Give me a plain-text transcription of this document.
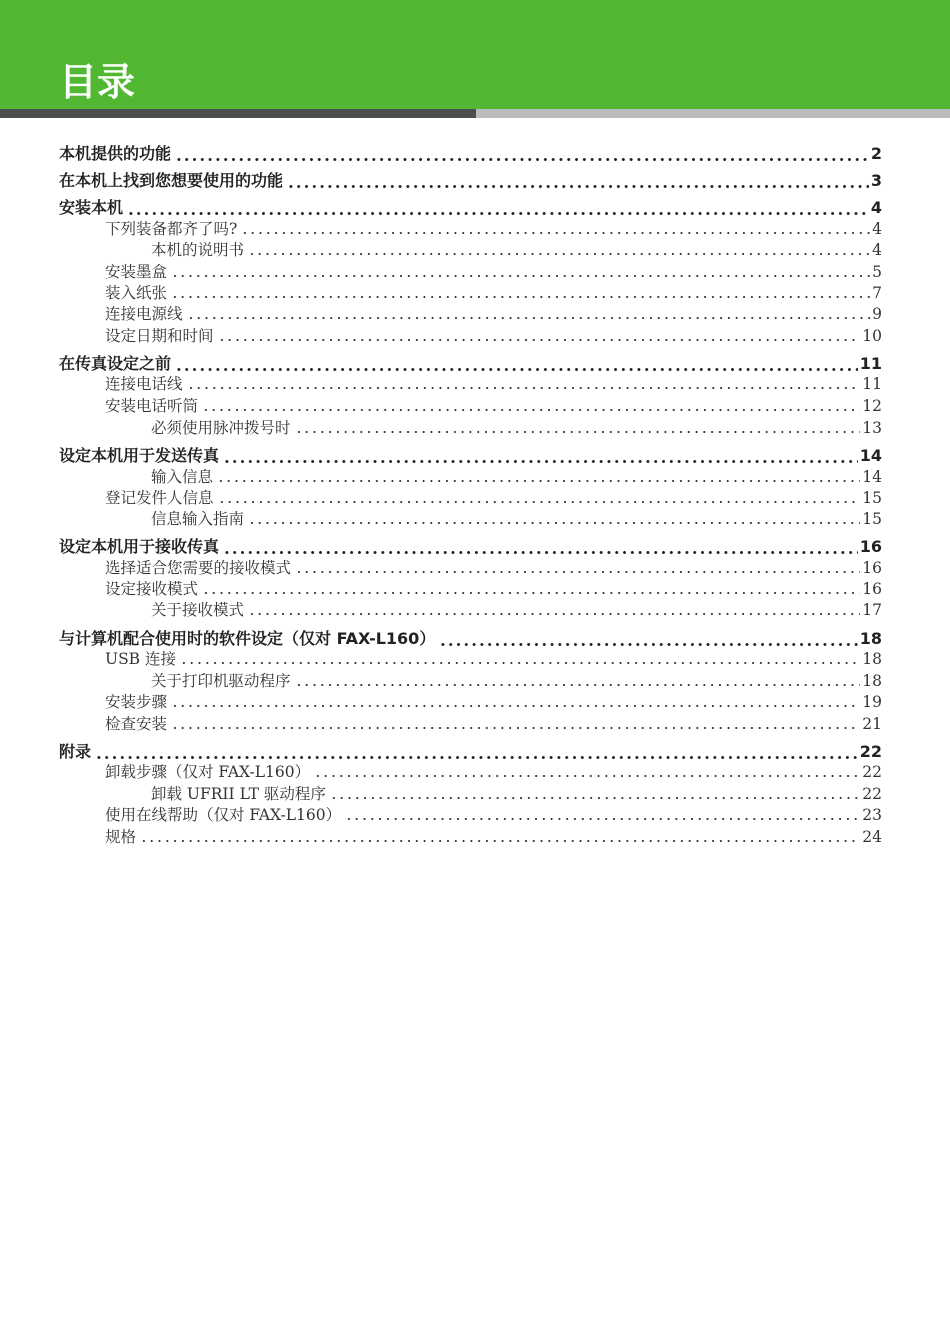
目录
本机提供的功能	2
在本机上找到您想要使用的功能	3
安装本机	4
下列装备都齐了吗?	4
本机的说明书	4
安装墨盒	5
装入纸张	7
连接电源线	9
设定日期和时间	10
在传真设定之前	11
连接电话线	11
安装电话听筒	12
必须使用脉冲拨号时	13
设定本机用于发送传真	14
输入信息	14
登记发件人信息	15
信息输入指南	15
设定本机用于接收传真	16
选择适合您需要的接收模式	16
设定接收模式	16
关于接收模式	17
与计算机配合使用时的软件设定（仅对 FAX-L160）	18
USB 连接	18
关于打印机驱动程序	18
安装步骤	19
检查安装	21
附录	22
卸载步骤（仅对 FAX-L160）	22
卸载 UFRII LT 驱动程序	22
使用在线帮助（仅对 FAX-L160）	23
规格	24
